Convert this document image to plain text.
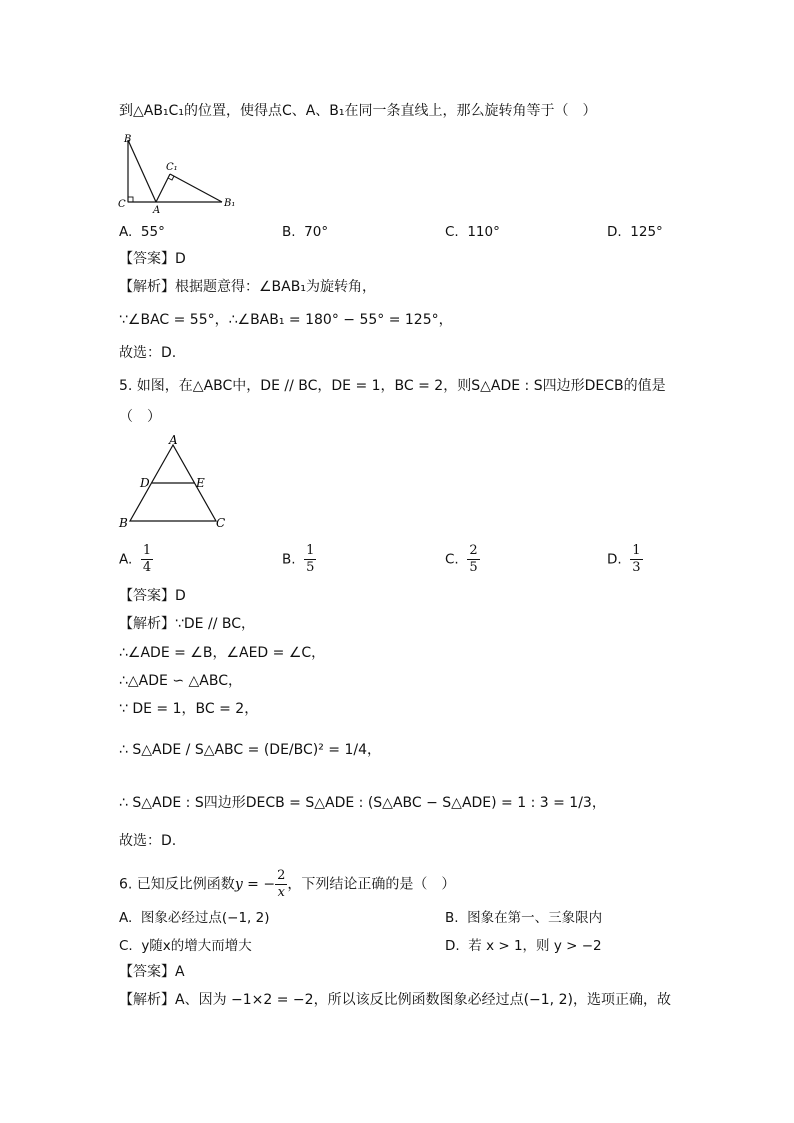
到△AB₁C₁的位置，使得点C、A、B₁在同一条直线上，那么旋转角等于（　）
B
C
A
C₁
B₁
A. 55°	B. 70°	C. 110°	D. 125°
【答案】D
【解析】根据题意得：∠BAB₁为旋转角，
∵∠BAC = 55°，∴∠BAB₁ = 180° − 55° = 125°，
故选：D.
5. 如图，在△ABC中，DE // BC，DE = 1，BC = 2，则S△ADE : S四边形DECB的值是
（　）
A
B	C
D	E
A. $\frac{1}{4}$	B. $\frac{1}{5}$	C. $\frac{2}{5}$	D. $\frac{1}{3}$
【答案】D
【解析】∵DE // BC，
∴∠ADE = ∠B，∠AED = ∠C，
∴△ADE ∽ △ABC，
∵ DE = 1，BC = 2，
∴ S△ADE / S△ABC = (DE/BC)² = 1/4，
∴ S△ADE : S四边形DECB = S△ADE : (S△ABC − S△ADE) = 1 : 3 = 1/3，
故选：D.
6. 已知反比例函数y = − $\frac{2}{x}$ ，下列结论正确的是（　）
A. 图象必经过点(−1, 2)	B. 图象在第一、三象限内
C. y随x的增大而增大	D. 若 x > 1，则 y > −2
【答案】A
【解析】A、因为 −1×2 = −2，所以该反比例函数图象必经过点(−1, 2)，选项正确，故
